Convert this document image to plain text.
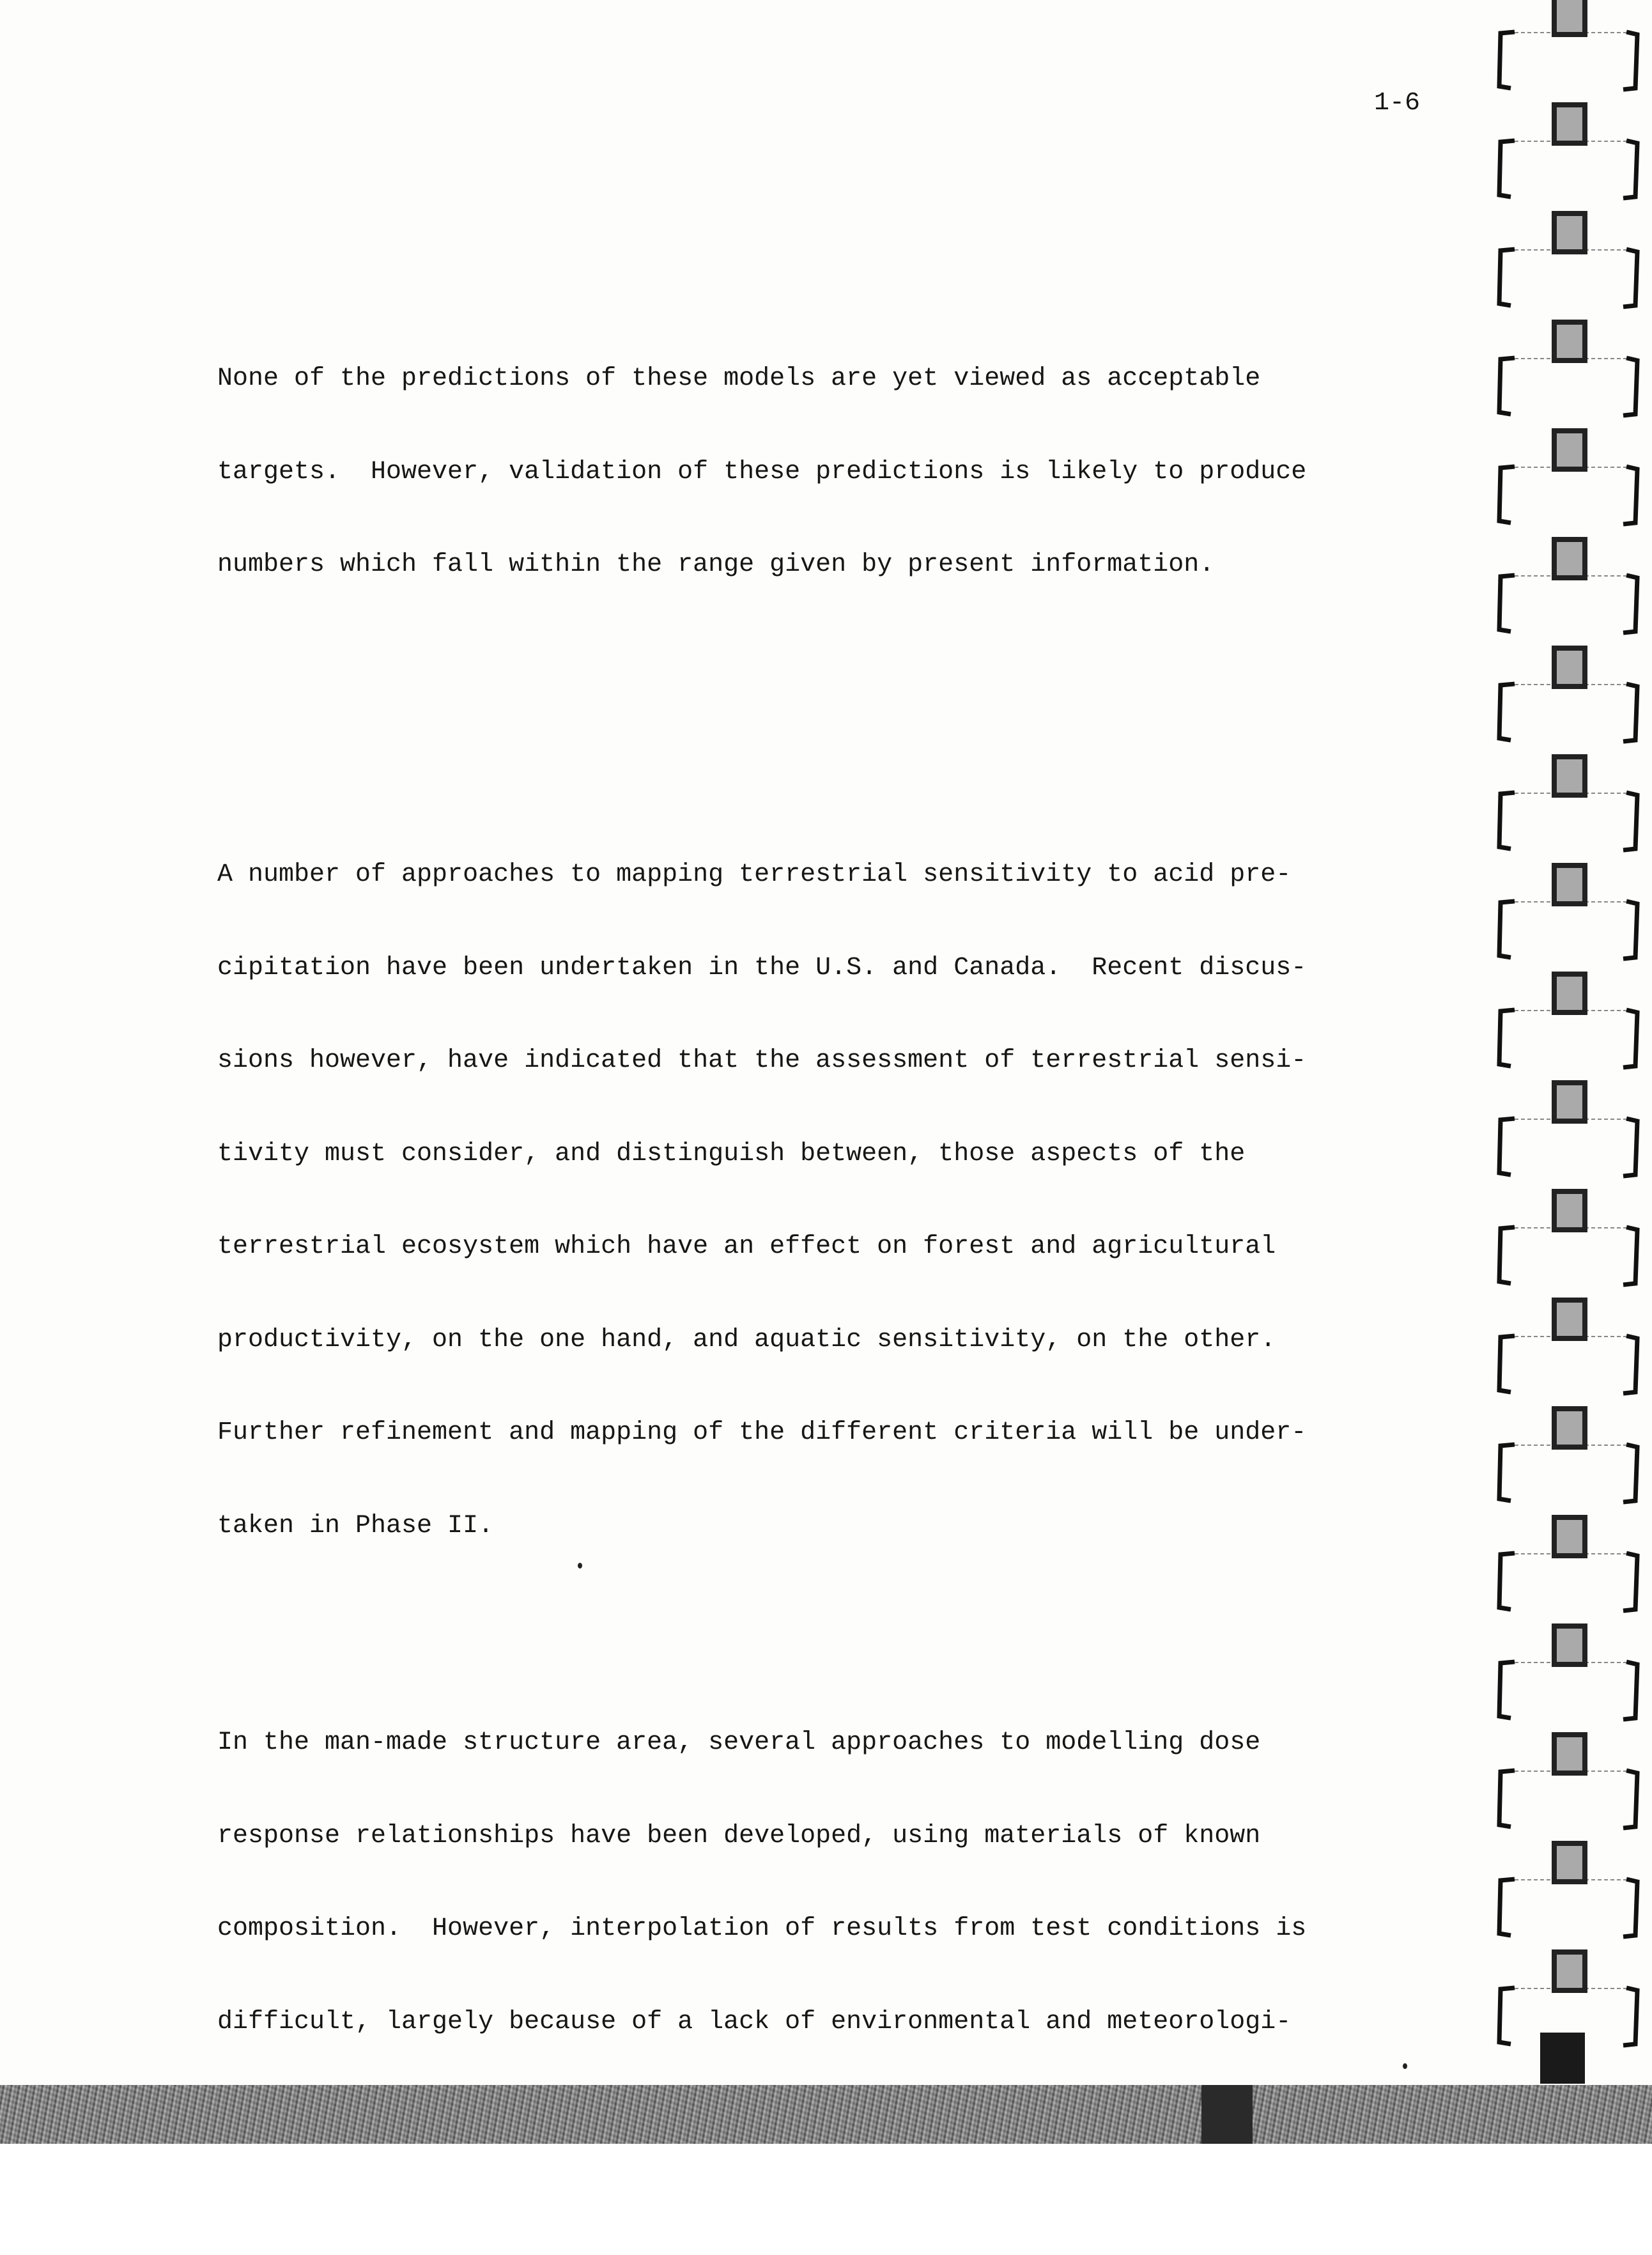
1-6

None of the predictions of these models are yet viewed as acceptable

targets.  However, validation of these predictions is likely to produce

numbers which fall within the range given by present information.

A number of approaches to mapping terrestrial sensitivity to acid pre-

cipitation have been undertaken in the U.S. and Canada.  Recent discus-

sions however, have indicated that the assessment of terrestrial sensi-

tivity must consider, and distinguish between, those aspects of the

terrestrial ecosystem which have an effect on forest and agricultural

productivity, on the one hand, and aquatic sensitivity, on the other.

Further refinement and mapping of the different criteria will be under-

taken in Phase II.

In the man-made structure area, several approaches to modelling dose

response relationships have been developed, using materials of known

composition.  However, interpolation of results from test conditions is

difficult, largely because of a lack of environmental and meteorologi-
